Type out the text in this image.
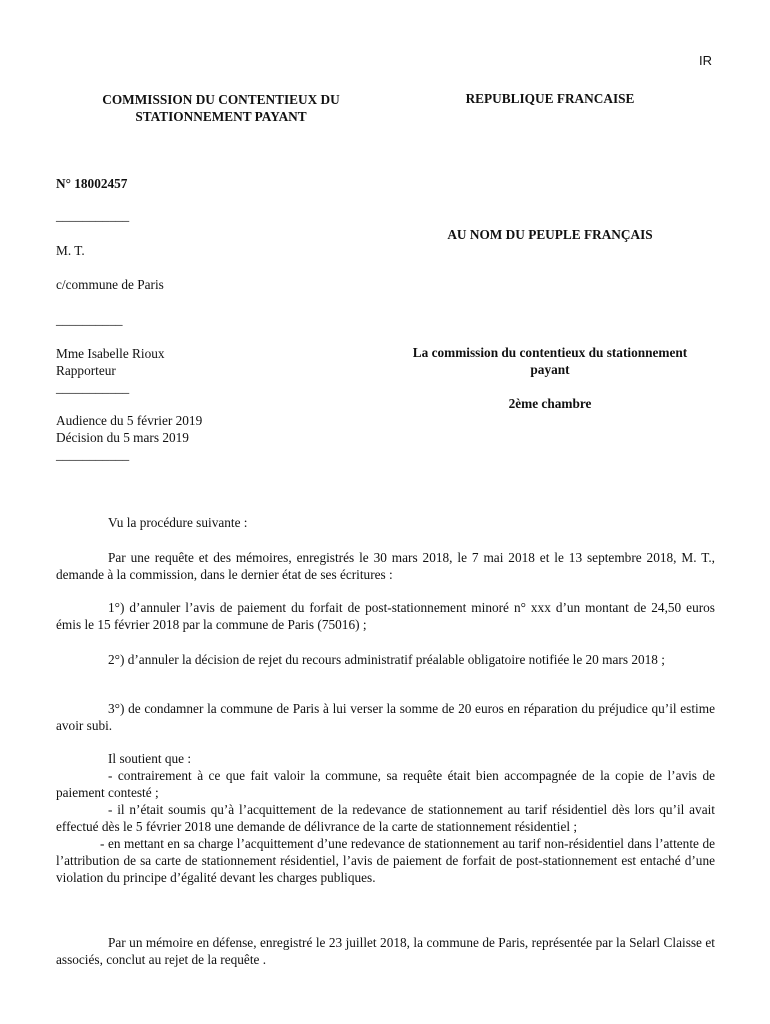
IR
COMMISSION DU CONTENTIEUX DU
STATIONNEMENT PAYANT
REPUBLIQUE FRANCAISE
N° 18002457
___________
M. T.
c/commune de Paris
__________
AU NOM DU PEUPLE FRANÇAIS
Mme Isabelle Rioux
Rapporteur
___________
La commission du contentieux du stationnement
payant
2ème chambre
Audience du 5 février 2019
Décision du 5 mars 2019
___________
Vu la procédure suivante :

Par une requête et des mémoires, enregistrés le 30 mars 2018, le 7 mai 2018 et le 13 septembre 2018, M. T., demande à la commission, dans le dernier état de ses écritures :

1°) d’annuler l’avis de paiement du forfait de post-stationnement minoré n° xxx d’un montant de 24,50 euros émis le 15 février 2018 par la commune de Paris (75016) ;

2°) d’annuler la décision de rejet du recours administratif préalable obligatoire notifiée le 20 mars 2018 ;

3°) de condamner la commune de Paris à lui verser la somme de 20 euros en réparation du préjudice qu’il estime avoir subi.

Il soutient que :

- contrairement à ce que fait valoir la commune, sa requête était bien accompagnée de la copie de l’avis de paiement contesté ;

- il n’était soumis qu’à l’acquittement de la redevance de stationnement au tarif résidentiel dès lors qu’il avait effectué dès le 5 février 2018 une demande de délivrance de la carte de stationnement résidentiel ;

- en mettant en sa charge l’acquittement d’une redevance de stationnement au tarif non-résidentiel dans l’attente de l’attribution de sa carte de stationnement résidentiel, l’avis de paiement de forfait de post-stationnement est entaché d’une violation du principe d’égalité devant les charges publiques.

Par un mémoire en défense, enregistré le 23 juillet 2018, la commune de Paris, représentée par la Selarl Claisse et associés, conclut au rejet de la requête .
